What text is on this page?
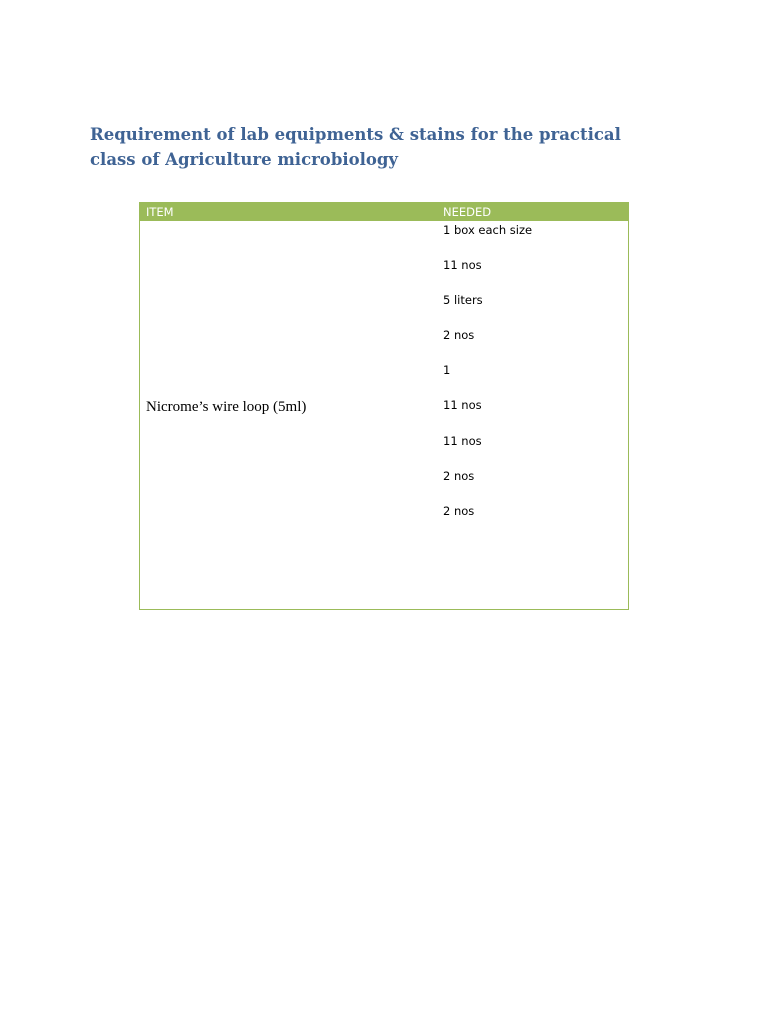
Requirement of lab equipments & stains for the practical class of Agriculture microbiology
ITEM	NEEDED
Nicrome’s wire loop (5ml)
1 box each size
11 nos
5 liters
2 nos
1
11 nos
11 nos
2 nos
2 nos
